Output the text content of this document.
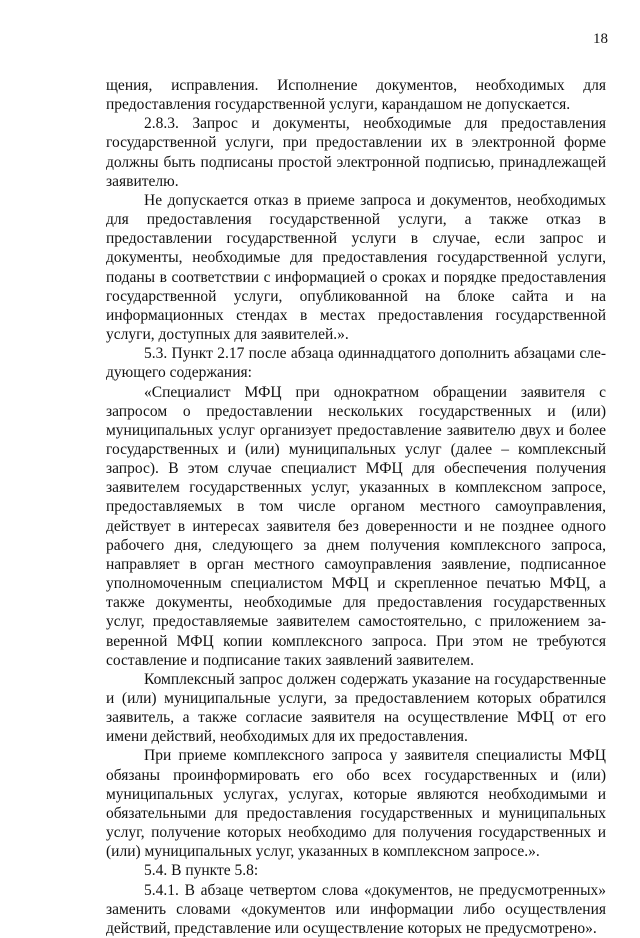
18

щения, исправления. Исполнение документов, необходимых для предоставления государственной услуги, карандашом не допускается.

2.8.3. Запрос и документы, необходимые для предоставления государственной услуги, при предоставлении их в электронной форме должны быть подписаны простой электронной подписью, принадлежащей заявителю.

Не допускается отказ в приеме запроса и документов, необходимых для предоставления государственной услуги, а также отказ в предоставлении государственной услуги в случае, если запрос и документы, необходимые для предоставления государственной услуги, поданы в соответствии с информацией о сроках и порядке предоставления государственной услуги, опубликованной на блоке сайта и на информационных стендах в местах предоставления государственной услуги, доступных для заявителей.».

5.3. Пункт 2.17 после абзаца одиннадцатого дополнить абзацами следующего содержания:

«Специалист МФЦ при однократном обращении заявителя с запросом о предоставлении нескольких государственных и (или) муниципальных услуг организует предоставление заявителю двух и более государственных и (или) муниципальных услуг (далее – комплексный запрос). В этом случае специалист МФЦ для обеспечения получения заявителем государственных услуг, указанных в комплексном запросе, предоставляемых в том числе органом местного самоуправления, действует в интересах заявителя без доверенности и не позднее одного рабочего дня, следующего за днем получения комплексного запроса, направляет в орган местного самоуправления заявление, подписанное уполномоченным специалистом МФЦ и скрепленное печатью МФЦ, а также документы, необходимые для предоставления государственных услуг, предоставляемые заявителем самостоятельно, с приложением заверенной МФЦ копии комплексного запроса. При этом не требуются составление и подписание таких заявлений заявителем.

Комплексный запрос должен содержать указание на государственные и (или) муниципальные услуги, за предоставлением которых обратился заявитель, а также согласие заявителя на осуществление МФЦ от его имени действий, необходимых для их предоставления.

При приеме комплексного запроса у заявителя специалисты МФЦ обязаны проинформировать его обо всех государственных и (или) муниципальных услугах, услугах, которые являются необходимыми и обязательными для предоставления государственных и муниципальных услуг, получение которых необходимо для получения государственных и (или) муниципальных услуг, указанных в комплексном запросе.».

5.4. В пункте 5.8:

5.4.1. В абзаце четвертом слова «документов, не предусмотренных» заменить словами «документов или информации либо осуществления действий, представление или осуществление которых не предусмотрено».
